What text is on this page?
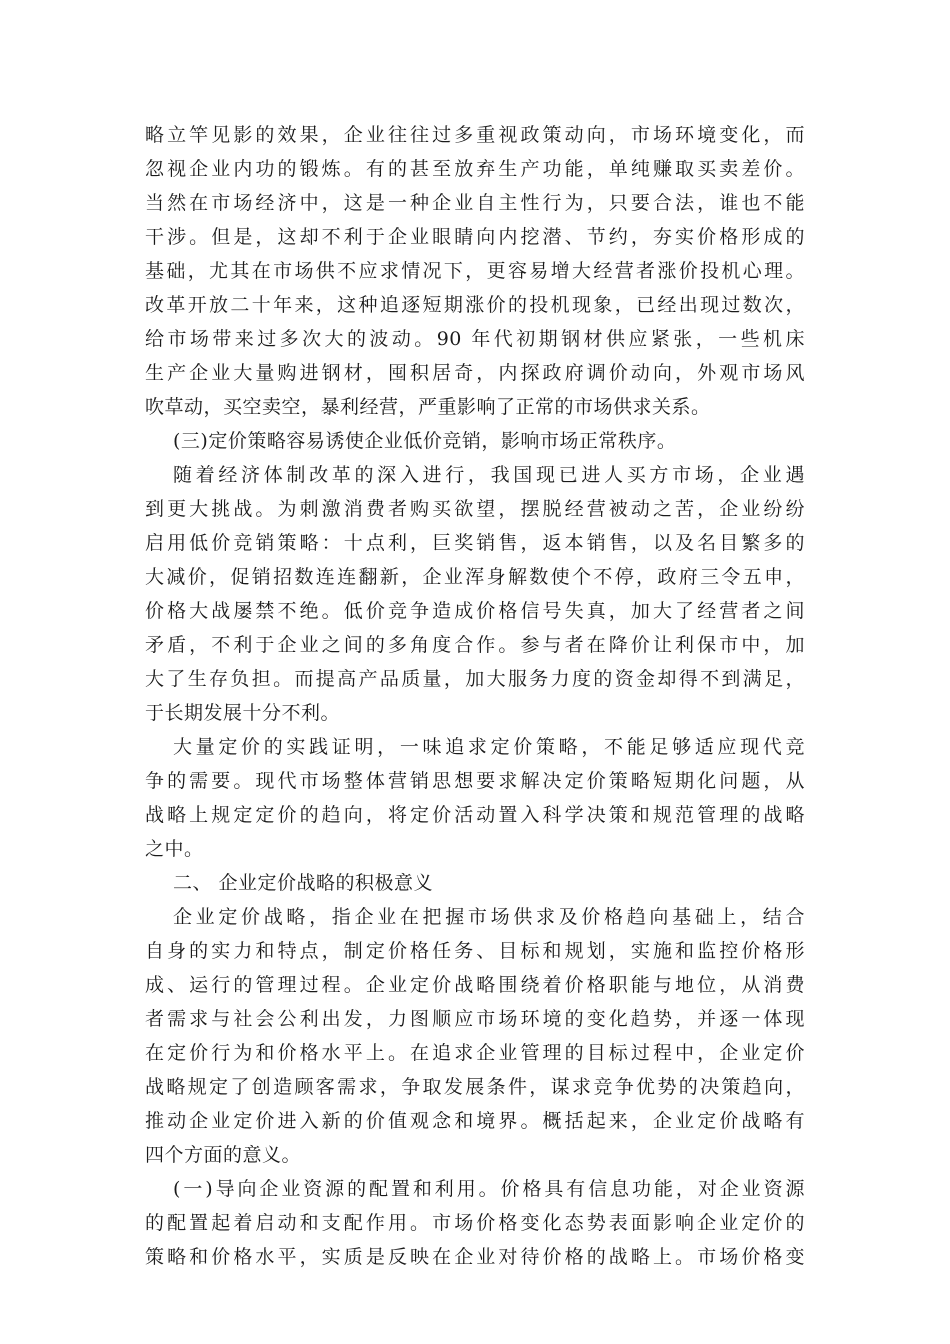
略立竿见影的效果，企业往往过多重视政策动向，市场环境变化，而
忽视企业内功的锻炼。有的甚至放弃生产功能，单纯赚取买卖差价。
当然在市场经济中，这是一种企业自主性行为，只要合法，谁也不能
干涉。但是，这却不利于企业眼睛向内挖潜、节约，夯实价格形成的
基础，尤其在市场供不应求情况下，更容易增大经营者涨价投机心理。
改革开放二十年来，这种追逐短期涨价的投机现象，已经出现过数次，
给市场带来过多次大的波动。90 年代初期钢材供应紧张，一些机床
生产企业大量购进钢材，囤积居奇，内探政府调价动向，外观市场风
吹草动，买空卖空，暴利经营，严重影响了正常的市场供求关系。
(三)定价策略容易诱使企业低价竞销，影响市场正常秩序。
随着经济体制改革的深入进行，我国现已进人买方市场，企业遇
到更大挑战。为刺激消费者购买欲望，摆脱经营被动之苦，企业纷纷
启用低价竞销策略：十点利，巨奖销售，返本销售，以及名目繁多的
大减价，促销招数连连翻新，企业浑身解数使个不停，政府三令五申，
价格大战屡禁不绝。低价竞争造成价格信号失真，加大了经营者之间
矛盾，不利于企业之间的多角度合作。参与者在降价让利保市中，加
大了生存负担。而提高产品质量，加大服务力度的资金却得不到满足，
于长期发展十分不利。
大量定价的实践证明，一味追求定价策略，不能足够适应现代竞
争的需要。现代市场整体营销思想要求解决定价策略短期化问题，从
战略上规定定价的趋向，将定价活动置入科学决策和规范管理的战略
之中。
二、 企业定价战略的积极意义
企业定价战略，指企业在把握市场供求及价格趋向基础上，结合
自身的实力和特点，制定价格任务、目标和规划，实施和监控价格形
成、运行的管理过程。企业定价战略围绕着价格职能与地位，从消费
者需求与社会公利出发，力图顺应市场环境的变化趋势，并逐一体现
在定价行为和价格水平上。在追求企业管理的目标过程中，企业定价
战略规定了创造顾客需求，争取发展条件，谋求竞争优势的决策趋向，
推动企业定价进入新的价值观念和境界。概括起来，企业定价战略有
四个方面的意义。
(一)导向企业资源的配置和利用。价格具有信息功能，对企业资源
的配置起着启动和支配作用。市场价格变化态势表面影响企业定价的
策略和价格水平，实质是反映在企业对待价格的战略上。市场价格变
